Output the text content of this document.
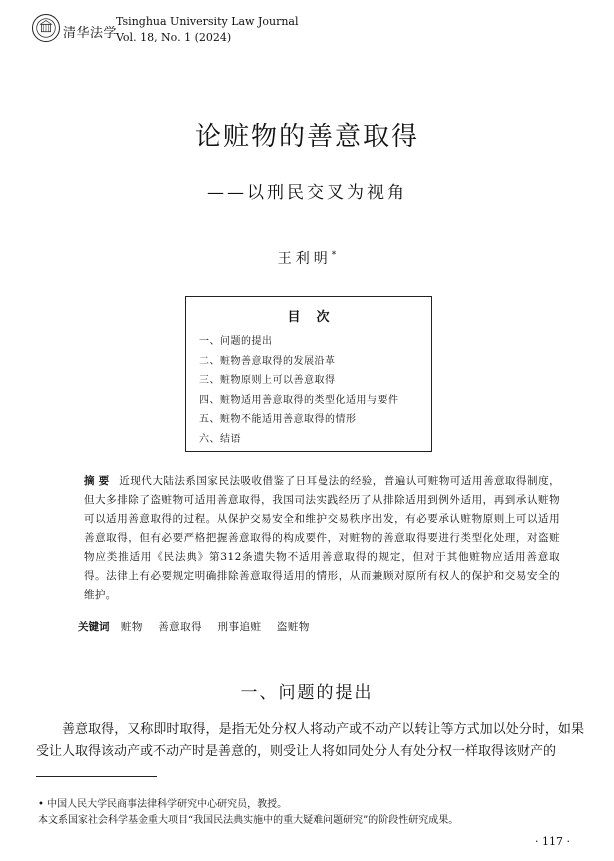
清华法学
Tsinghua University Law Journal
Vol. 18, No. 1 (2024)
论赃物的善意取得
——以刑民交叉为视角
王利明*
目次
一、问题的提出
二、赃物善意取得的发展沿革
三、赃物原则上可以善意取得
四、赃物适用善意取得的类型化适用与要件
五、赃物不能适用善意取得的情形
六、结语
摘要 近现代大陆法系国家民法吸收借鉴了日耳曼法的经验，普遍认可赃物可适用善意取得制度，但大多排除了盗赃物可适用善意取得，我国司法实践经历了从排除适用到例外适用，再到承认赃物可以适用善意取得的过程。从保护交易安全和维护交易秩序出发，有必要承认赃物原则上可以适用善意取得，但有必要严格把握善意取得的构成要件，对赃物的善意取得要进行类型化处理，对盗赃物应类推适用《民法典》第312条遗失物不适用善意取得的规定，但对于其他赃物应适用善意取得。法律上有必要规定明确排除善意取得适用的情形，从而兼顾对原所有权人的保护和交易安全的维护。
关键词 赃物 善意取得 刑事追赃 盗赃物
一、问题的提出
善意取得，又称即时取得，是指无处分权人将动产或不动产以转让等方式加以处分时，如果受让人取得该动产或不动产时是善意的，则受让人将如同处分人有处分权一样取得该财产的

• 中国人民大学民商事法律科学研究中心研究员，教授。

本文系国家社会科学基金重大项目“我国民法典实施中的重大疑难问题研究”的阶段性研究成果。

· 117 ·
